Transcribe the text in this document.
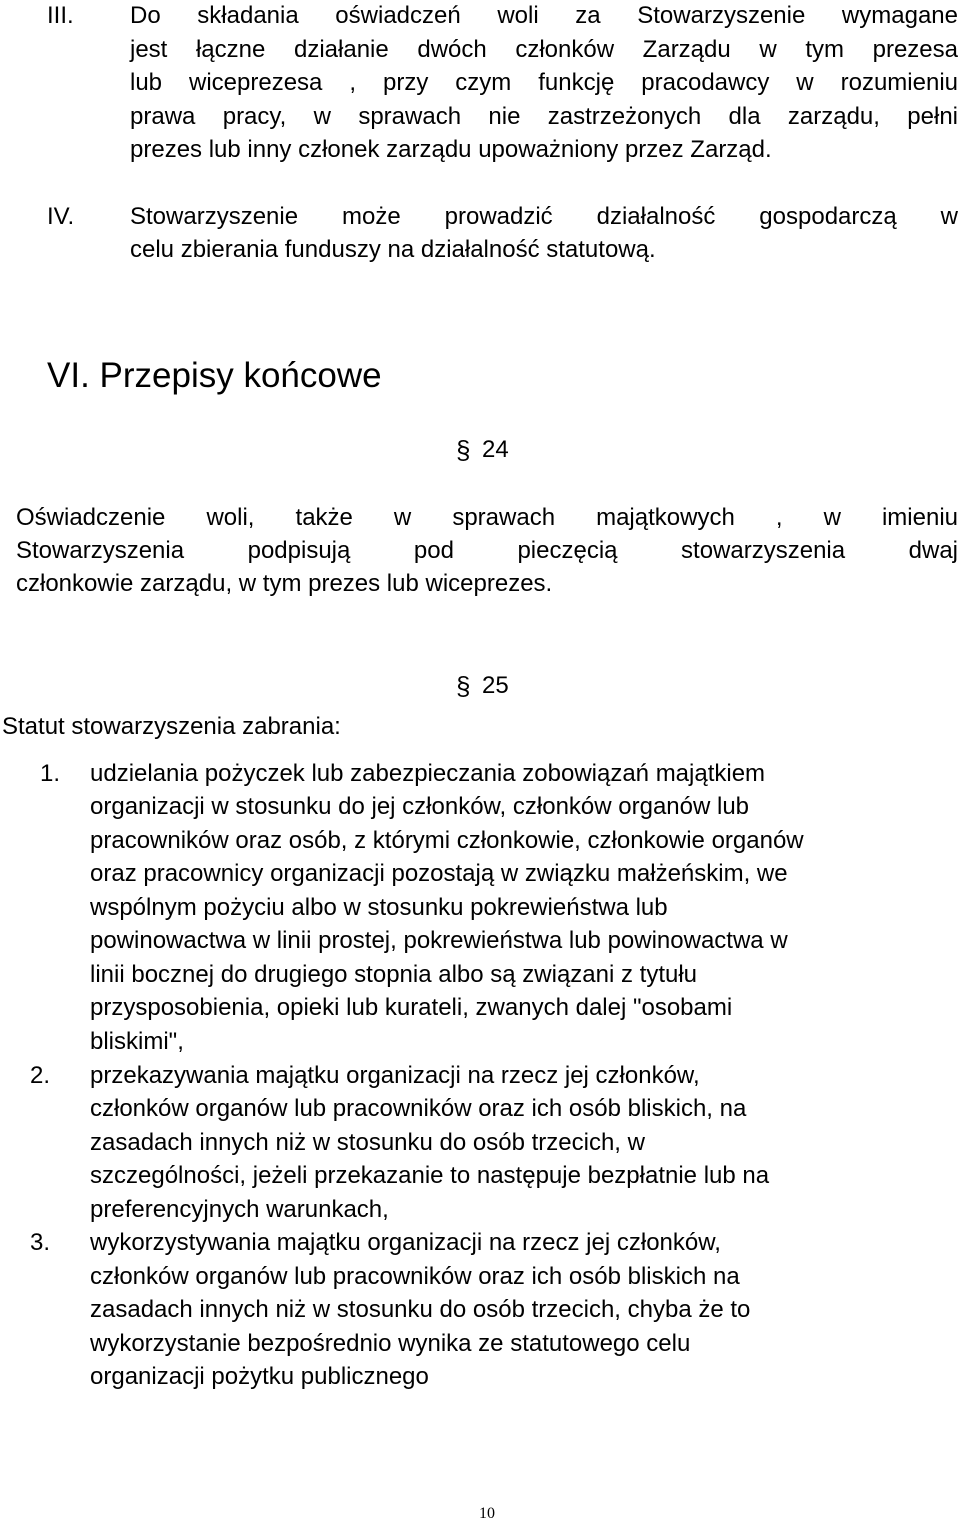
III. Do składania oświadczeń woli za Stowarzyszenie wymagane
jest łączne działanie dwóch członków Zarządu w tym prezesa
lub wiceprezesa , przy czym funkcję pracodawcy w rozumieniu
prawa pracy, w sprawach nie zastrzeżonych dla zarządu, pełni
prezes lub inny członek zarządu upoważniony przez Zarząd.
IV. Stowarzyszenie może prowadzić działalność gospodarczą w
celu zbierania funduszy na działalność statutową.
VI. Przepisy końcowe
§ 24
Oświadczenie woli, także w sprawach majątkowych , w imieniu
Stowarzyszenia podpisują pod pieczęcią stowarzyszenia dwaj
członkowie zarządu, w tym prezes lub wiceprezes.
§ 25
Statut stowarzyszenia zabrania:
1. udzielania pożyczek lub zabezpieczania zobowiązań majątkiem
organizacji w stosunku do jej członków, członków organów lub
pracowników oraz osób, z którymi członkowie, członkowie organów
oraz pracownicy organizacji pozostają w związku małżeńskim, we
wspólnym pożyciu albo w stosunku pokrewieństwa lub
powinowactwa w linii prostej, pokrewieństwa lub powinowactwa w
linii bocznej do drugiego stopnia albo są związani z tytułu
przysposobienia, opieki lub kurateli, zwanych dalej "osobami
bliskimi",
2. przekazywania majątku organizacji na rzecz jej członków,
członków organów lub pracowników oraz ich osób bliskich, na
zasadach innych niż w stosunku do osób trzecich, w
szczególności, jeżeli przekazanie to następuje bezpłatnie lub na
preferencyjnych warunkach,
3. wykorzystywania majątku organizacji na rzecz jej członków,
członków organów lub pracowników oraz ich osób bliskich na
zasadach innych niż w stosunku do osób trzecich, chyba że to
wykorzystanie bezpośrednio wynika ze statutowego celu
organizacji pożytku publicznego
10
